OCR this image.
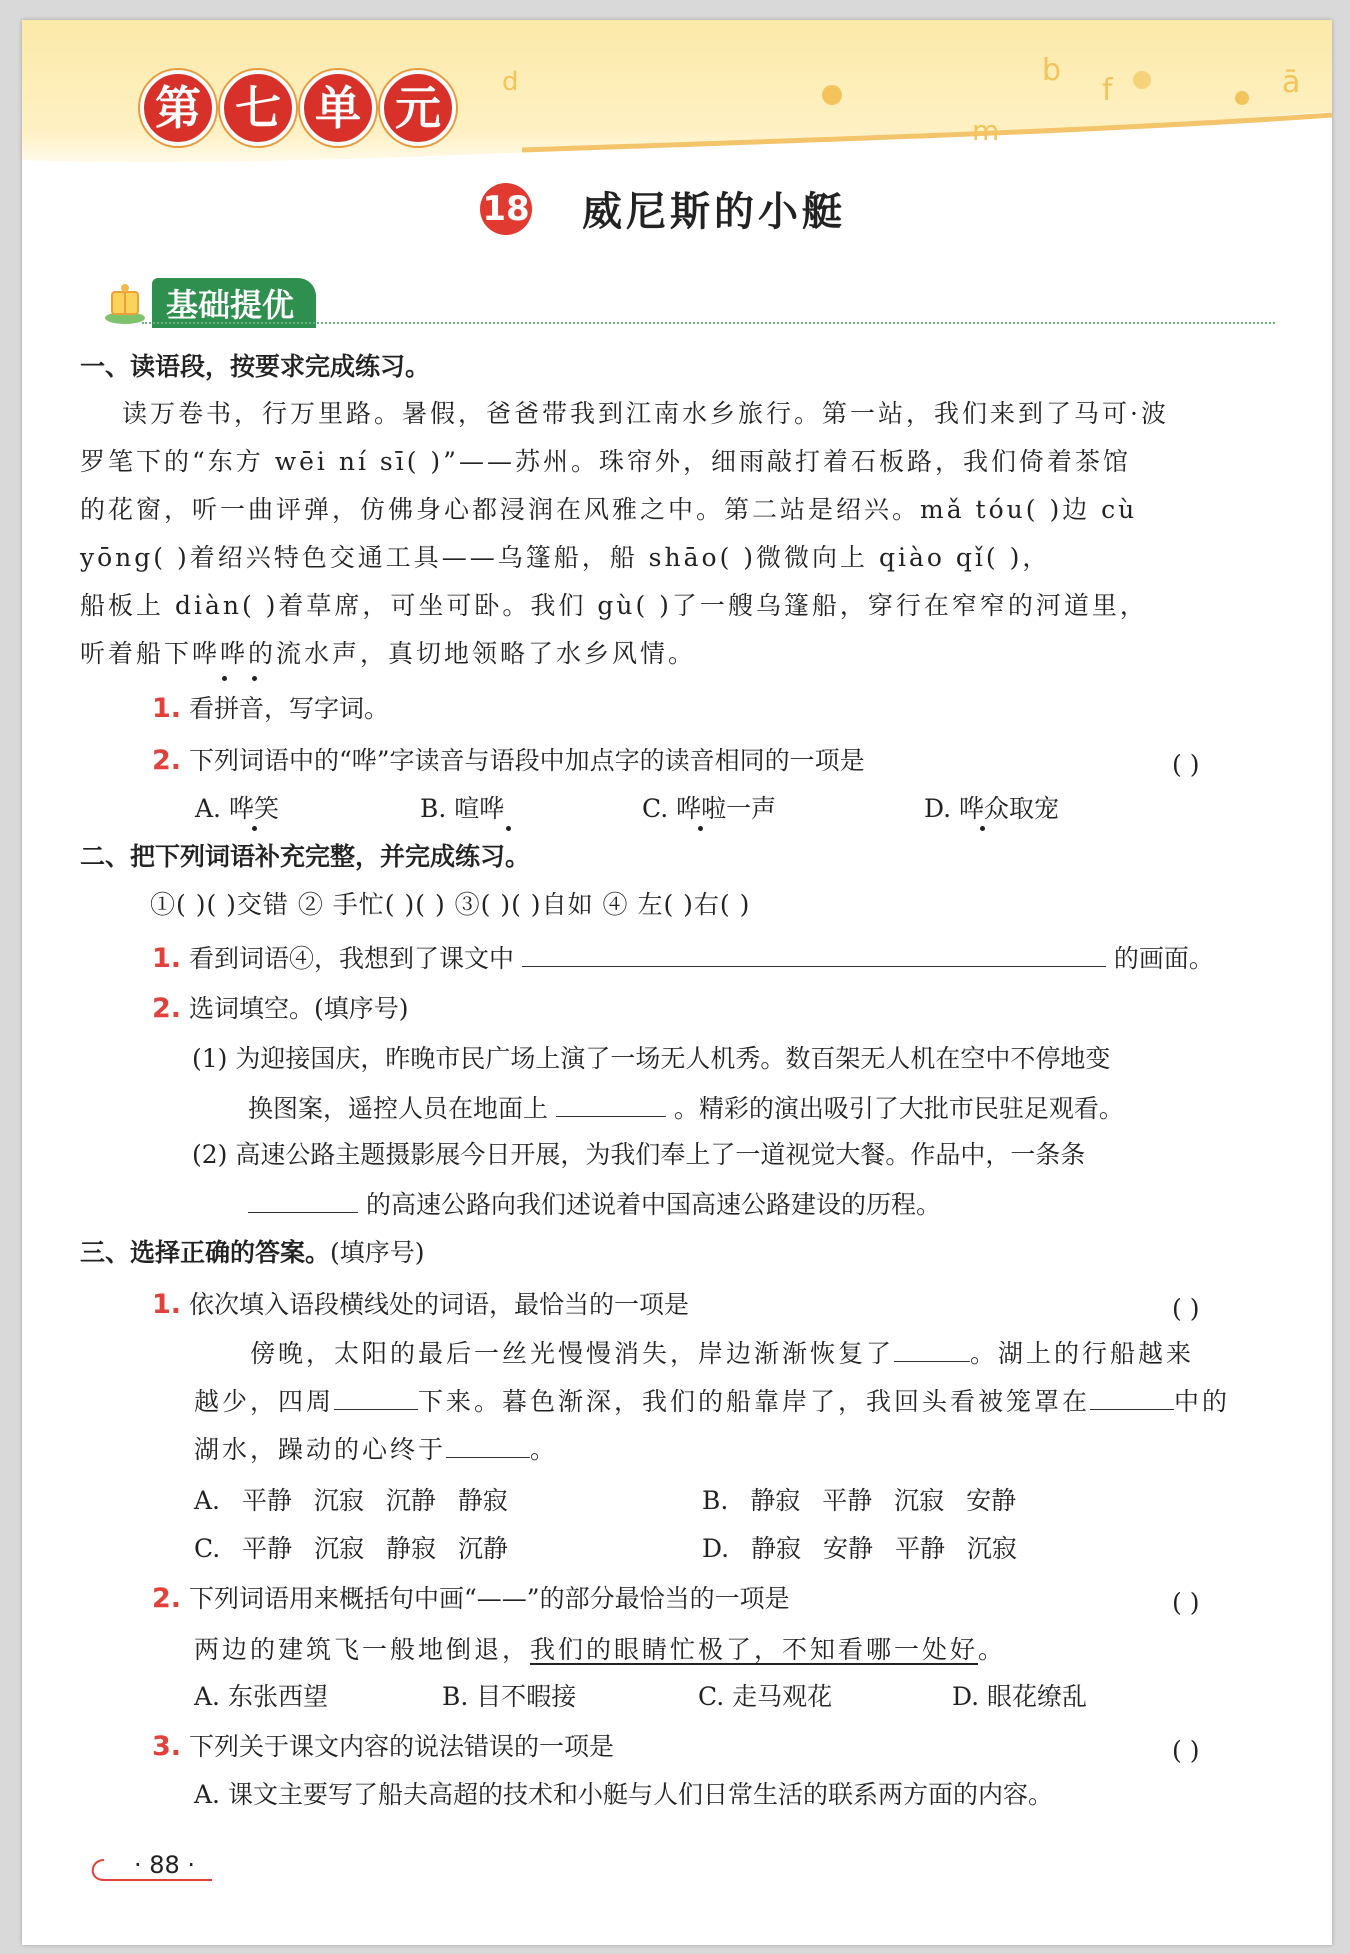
b
f	ā
m
d
第 七 单 元
18 威尼斯的小艇
基础提优
一、读语段，按要求完成练习。
读万卷书，行万里路。暑假，爸爸带我到江南水乡旅行。第一站，我们来到了马可·波
罗笔下的“东方 wēi ní sī( )”——苏州。珠帘外，细雨敲打着石板路，我们倚着茶馆
的花窗，听一曲评弹，仿佛身心都浸润在风雅之中。第二站是绍兴。mǎ tóu( )边 cù
yōng( )着绍兴特色交通工具——乌篷船，船 shāo( )微微向上 qiào qǐ( )，
船板上 diàn( )着草席，可坐可卧。我们 gù( )了一艘乌篷船，穿行在窄窄的河道里，
听着船下哗哗的流水声，真切地领略了水乡风情。
1. 看拼音，写字词。
2. 下列词语中的“哗”字读音与语段中加点字的读音相同的一项是	( )
A. 哗笑	B. 喧哗	C. 哗啦一声	D. 哗众取宠
二、把下列词语补充完整，并完成练习。
①( )( )交错 ② 手忙( )( ) ③( )( )自如 ④ 左( )右( )
1. 看到词语④，我想到了课文中	的画面。
2. 选词填空。(填序号)
(1) 为迎接国庆，昨晚市民广场上演了一场无人机秀。数百架无人机在空中不停地变
换图案，遥控人员在地面上	。精彩的演出吸引了大批市民驻足观看。
(2) 高速公路主题摄影展今日开展，为我们奉上了一道视觉大餐。作品中，一条条
的高速公路向我们述说着中国高速公路建设的历程。
三、选择正确的答案。(填序号)
1. 依次填入语段横线处的词语，最恰当的一项是	( )
傍晚，太阳的最后一丝光慢慢消失，岸边渐渐恢复了	。湖上的行船越来
越少，四周	下来。暮色渐深，我们的船靠岸了，我回头看被笼罩在	中的
湖水，躁动的心终于	。
A. 平静 沉寂 沉静 静寂	B. 静寂 平静 沉寂 安静
C. 平静 沉寂 静寂 沉静	D. 静寂 安静 平静 沉寂
2. 下列词语用来概括句中画“——”的部分最恰当的一项是	( )
两边的建筑飞一般地倒退，我们的眼睛忙极了，不知看哪一处好。
A. 东张西望	B. 目不暇接	C. 走马观花	D. 眼花缭乱
3. 下列关于课文内容的说法错误的一项是	( )
A. 课文主要写了船夫高超的技术和小艇与人们日常生活的联系两方面的内容。
· 88 ·
